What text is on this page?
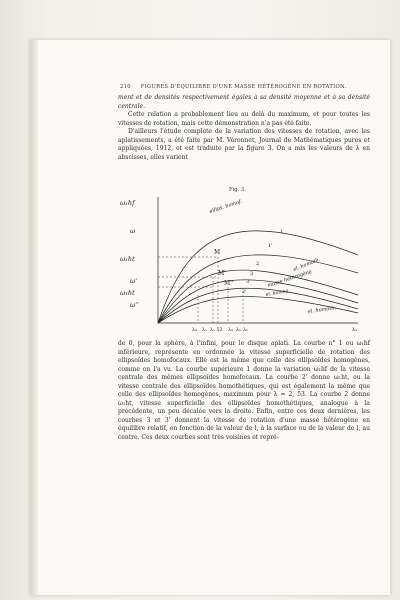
210 FIGURES D'ÉQUILIBRE D'UNE MASSE HÉTÉROGÈNE EN ROTATION.

ment et de densités respectivement égales à sa densité moyenne et à sa densité centrale.

Cette relation a probablement lieu au delà du maximum, et pour toutes les vitesses de rotation, mais cette démonstration n'a pas été faite.

D'ailleurs l'étude complète de la variation des vitesses de rotation, avec les aplatissements, a été faite par M. Véronnet, Journal de Mathématiques pures et appliquées, 1912, et est traduite par la figure 3. On a mis les valeurs de λ en abscisses, elles varient

Fig. 3.
ω₁hf
ω
ω₁ht
ω'
ω₁ht
ω''
M
M'
M''
1
1'
2
3
3'
2'
ellips. homof.
el. homoth.
masse hétérogène
el. homog.
el. homoth.
λ₂ λ₁ λ₁ 53 λ₂ λ₁ λ₁	λ₁

de 0, pour la sphère, à l'infini, pour le disque aplati. La courbe n° 1 ou ω₁hf inférieure, représente en ordonnée la vitesse superficielle de rotation des ellipsoïdes homofocaux. Elle est la même que celle des ellipsoïdes homogènes, comme on l'a vu. La courbe supérieure 1 donne la variation ω₁hf de la vitesse centrale des mêmes ellipsoïdes homofocaux. La courbe 2' donne ω₁ht, ou la vitesse centrale des ellipsoïdes homothétiques, qui est également la même que celle des ellipsoïdes homogènes, maximum pour λ = 2, 53. La courbe 2 donne ω₁ht, vitesse superficielle des ellipsoïdes homothétiques, analogue à la précédente, un peu décalée vers la droite. Enfin, entre ces deux dernières, les courbes 3 et 3' donnent la vitesse de rotation d'une masse hétérogène en équilibre relatif, en fonction de la valeur de l, à la surface ou de la valeur de l, au centre. Ces deux courbes sont très voisines et repré-
